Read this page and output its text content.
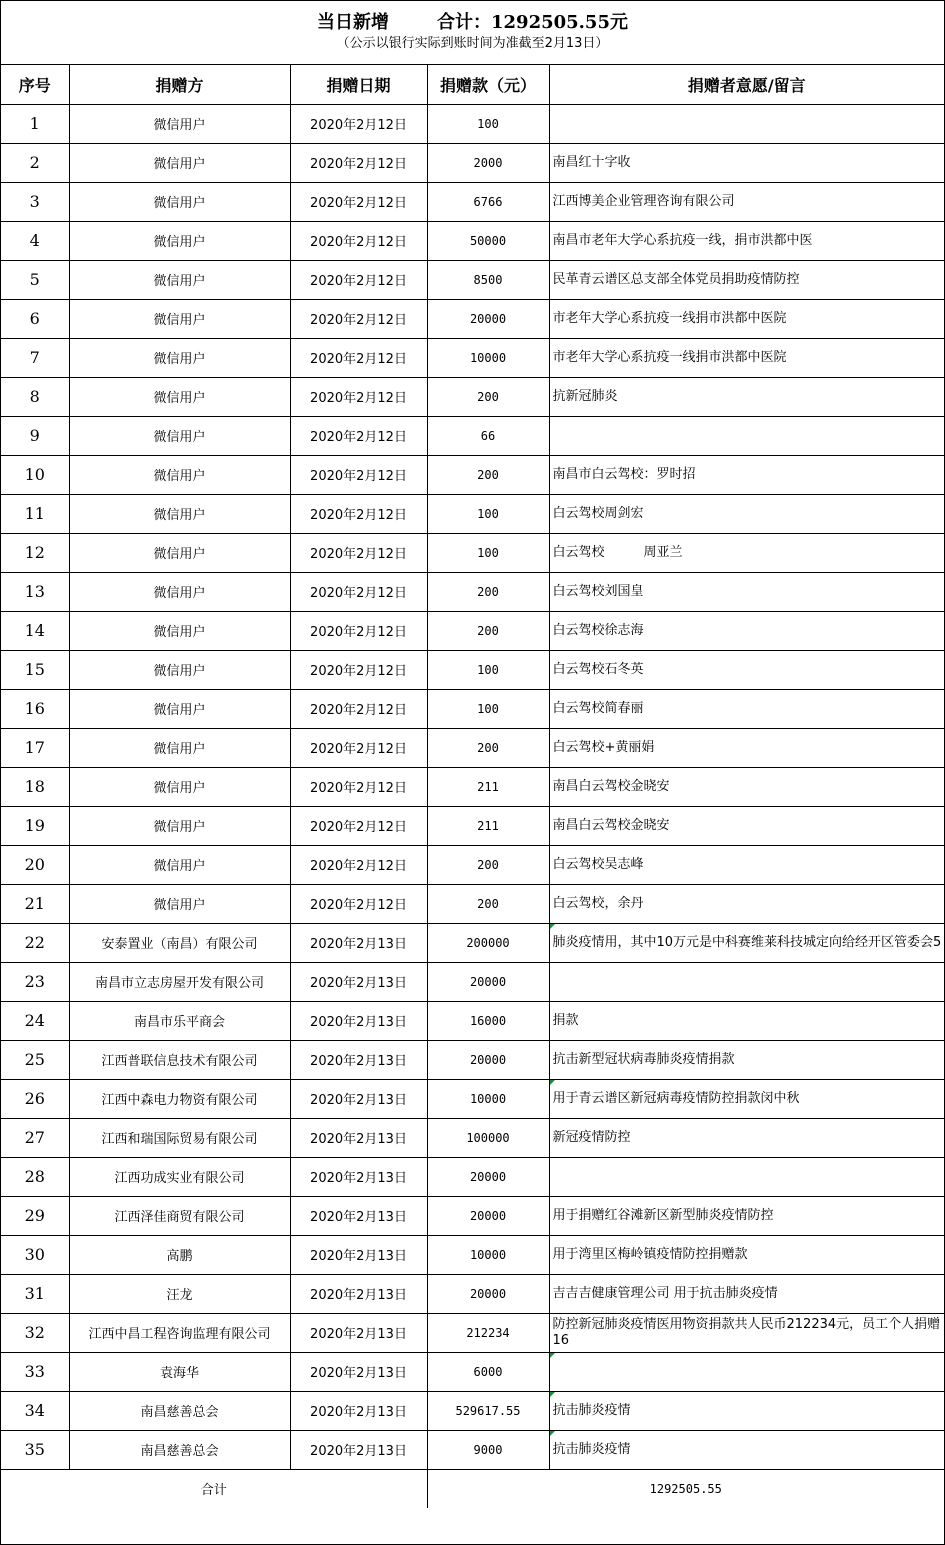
当日新增	合计：1292505.55元
（公示以银行实际到账时间为准截至2月13日）
序号	捐赠方	捐赠日期	捐赠款（元）	捐赠者意愿/留言
1	微信用户	2020年2月12日	100	
2	微信用户	2020年2月12日	2000	南昌红十字收
3	微信用户	2020年2月12日	6766	江西博美企业管理咨询有限公司
4	微信用户	2020年2月12日	50000	南昌市老年大学心系抗疫一线，捐市洪都中医
5	微信用户	2020年2月12日	8500	民革青云谱区总支部全体党员捐助疫情防控
6	微信用户	2020年2月12日	20000	市老年大学心系抗疫一线捐市洪都中医院
7	微信用户	2020年2月12日	10000	市老年大学心系抗疫一线捐市洪都中医院
8	微信用户	2020年2月12日	200	抗新冠肺炎
9	微信用户	2020年2月12日	66	
10	微信用户	2020年2月12日	200	南昌市白云驾校：罗时招
11	微信用户	2020年2月12日	100	白云驾校周剑宏
12	微信用户	2020年2月12日	100	白云驾校　　　周亚兰
13	微信用户	2020年2月12日	200	白云驾校刘国皇
14	微信用户	2020年2月12日	200	白云驾校徐志海
15	微信用户	2020年2月12日	100	白云驾校石冬英
16	微信用户	2020年2月12日	100	白云驾校简春丽
17	微信用户	2020年2月12日	200	白云驾校+黄丽娟
18	微信用户	2020年2月12日	211	南昌白云驾校金晓安
19	微信用户	2020年2月12日	211	南昌白云驾校金晓安
20	微信用户	2020年2月12日	200	白云驾校吴志峰
21	微信用户	2020年2月12日	200	白云驾校，余丹
22	安泰置业（南昌）有限公司	2020年2月13日	200000	肺炎疫情用，其中10万元是中科赛维莱科技城定向给经开区管委会5
23	南昌市立志房屋开发有限公司	2020年2月13日	20000	
24	南昌市乐平商会	2020年2月13日	16000	捐款
25	江西普联信息技术有限公司	2020年2月13日	20000	抗击新型冠状病毒肺炎疫情捐款
26	江西中森电力物资有限公司	2020年2月13日	10000	用于青云谱区新冠病毒疫情防控捐款闵中秋
27	江西和瑞国际贸易有限公司	2020年2月13日	100000	新冠疫情防控
28	江西功成实业有限公司	2020年2月13日	20000	
29	江西泽佳商贸有限公司	2020年2月13日	20000	用于捐赠红谷滩新区新型肺炎疫情防控
30	高鹏	2020年2月13日	10000	用于湾里区梅岭镇疫情防控捐赠款
31	汪龙	2020年2月13日	20000	吉吉吉健康管理公司 用于抗击肺炎疫情
32	江西中昌工程咨询监理有限公司	2020年2月13日	212234	防控新冠肺炎疫情医用物资捐款共人民币212234元，员工个人捐赠16
33	袁海华	2020年2月13日	6000	
34	南昌慈善总会	2020年2月13日	529617.55	抗击肺炎疫情
35	南昌慈善总会	2020年2月13日	9000	抗击肺炎疫情
合计			1292505.55	
